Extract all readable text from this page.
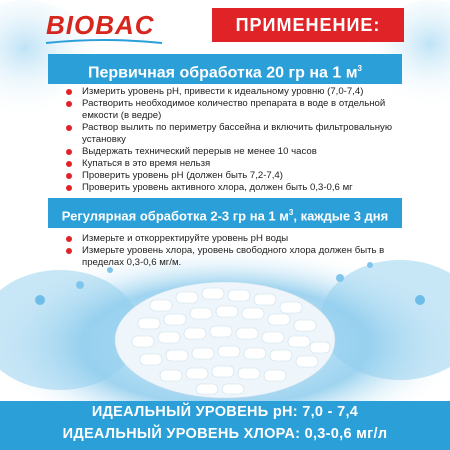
BIOBAC	ПРИМЕНЕНИЕ:
Первичная обработка 20 гр на 1 $м^3$
Измерить уровень pH, привести к идеальному уровню (7,0-7,4)
Растворить необходимое количество препарата в воде в отдельной емкости (в ведре)
Раствор вылить по периметру бассейна и включить фильтровальную установку
Выдержать технический перерыв не менее 10 часов
Купаться в это время нельзя
Проверить уровень pH (должен быть 7,2-7,4)
Проверить уровень активного хлора, должен быть 0,3-0,6 мг
Регулярная обработка 2-3 гр на 1 $м^3$, каждые 3 дня
Измерьте и откорректируйте уровень pH воды
Измерьте уровень хлора, уровень свободного хлора должен быть в пределах 0,3-0,6 мг/м.
ИДЕАЛЬНЫЙ УРОВЕНЬ pH: 7,0 - 7,4
ИДЕАЛЬНЫЙ УРОВЕНЬ ХЛОРА: 0,3-0,6 мг/л
